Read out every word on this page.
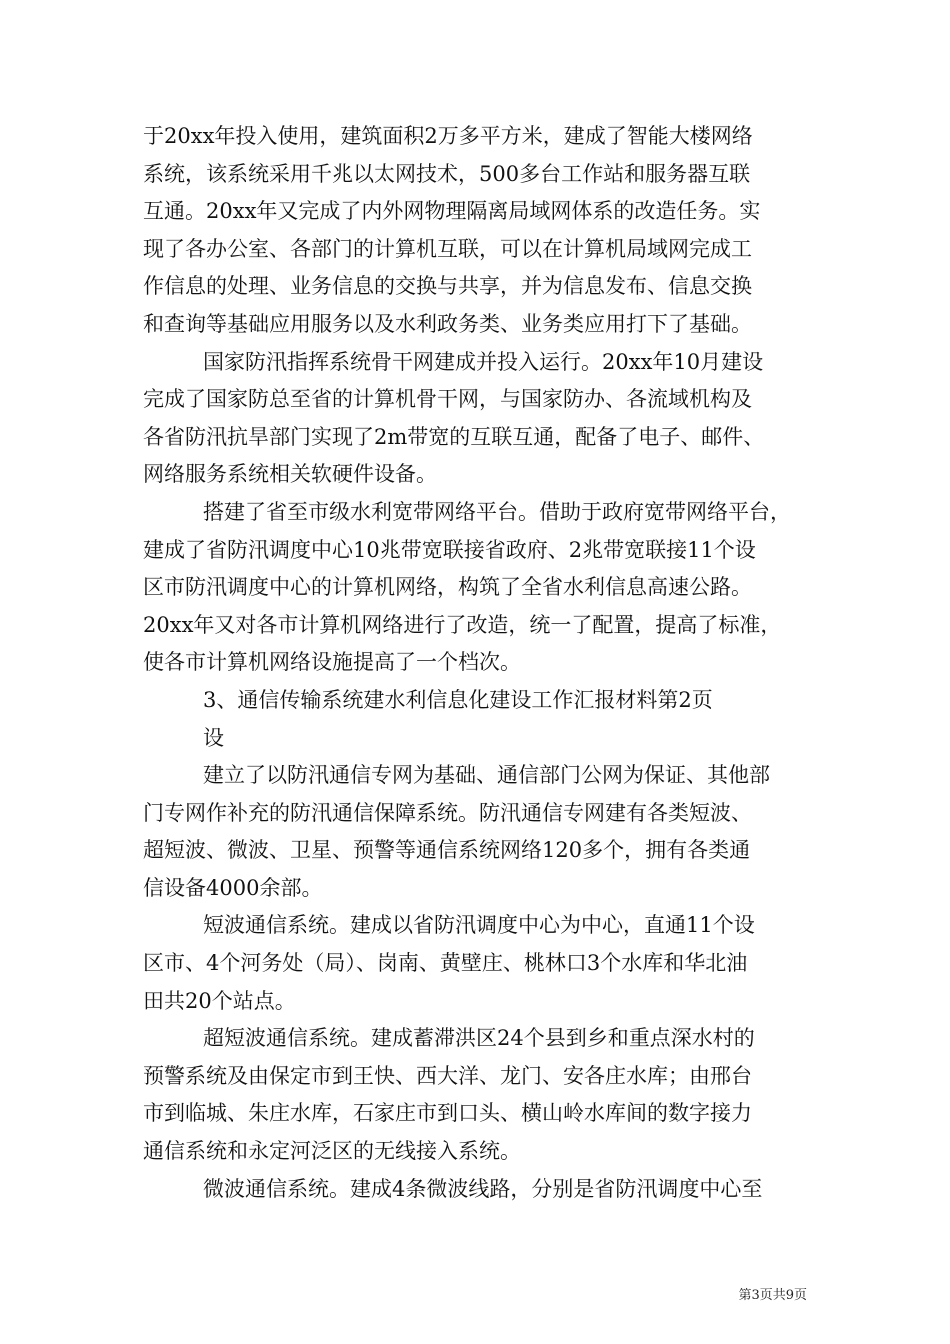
于20xx年投入使用，建筑面积2万多平方米，建成了智能大楼网络
系统，该系统采用千兆以太网技术，500多台工作站和服务器互联
互通。20xx年又完成了内外网物理隔离局域网体系的改造任务。实
现了各办公室、各部门的计算机互联，可以在计算机局域网完成工
作信息的处理、业务信息的交换与共享，并为信息发布、信息交换
和查询等基础应用服务以及水利政务类、业务类应用打下了基础。
国家防汛指挥系统骨干网建成并投入运行。20xx年10月建设
完成了国家防总至省的计算机骨干网，与国家防办、各流域机构及
各省防汛抗旱部门实现了2m带宽的互联互通，配备了电子、邮件、
网络服务系统相关软硬件设备。
搭建了省至市级水利宽带网络平台。借助于政府宽带网络平台，
建成了省防汛调度中心10兆带宽联接省政府、2兆带宽联接11个设
区市防汛调度中心的计算机网络，构筑了全省水利信息高速公路。
20xx年又对各市计算机网络进行了改造，统一了配置，提高了标准，
使各市计算机网络设施提高了一个档次。
3、通信传输系统建水利信息化建设工作汇报材料第2页
设
建立了以防汛通信专网为基础、通信部门公网为保证、其他部
门专网作补充的防汛通信保障系统。防汛通信专网建有各类短波、
超短波、微波、卫星、预警等通信系统网络120多个，拥有各类通
信设备4000余部。
短波通信系统。建成以省防汛调度中心为中心，直通11个设
区市、4个河务处（局）、岗南、黄壁庄、桃林口3个水库和华北油
田共20个站点。
超短波通信系统。建成蓄滞洪区24个县到乡和重点深水村的
预警系统及由保定市到王快、西大洋、龙门、安各庄水库；由邢台
市到临城、朱庄水库，石家庄市到口头、横山岭水库间的数字接力
通信系统和永定河泛区的无线接入系统。
微波通信系统。建成4条微波线路，分别是省防汛调度中心至
第3页共9页
